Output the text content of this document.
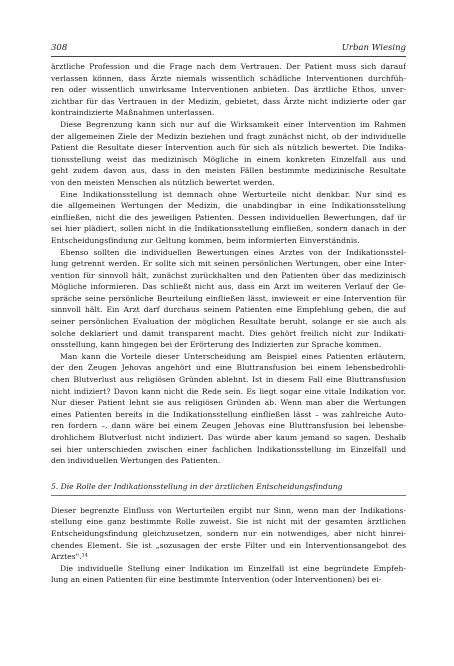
308	Urban Wiesing
ärztliche Profession und die Frage nach dem Vertrauen. Der Patient muss sich darauf
verlassen können, dass Ärzte niemals wissentlich schädliche Interventionen durchfüh-
ren oder wissentlich unwirksame Interventionen anbieten. Das ärztliche Ethos, unver-
zichtbar für das Vertrauen in der Medizin, gebietet, dass Ärzte nicht indizierte oder gar
kontraindizierte Maßnahmen unterlassen.
Diese Begrenzung kann sich nur auf die Wirksamkeit einer Intervention im Rahmen
der allgemeinen Ziele der Medizin beziehen und fragt zunächst nicht, ob der individuelle
Patient die Resultate dieser Intervention auch für sich als nützlich bewertet. Die Indika-
tionsstellung weist das medizinisch Mögliche in einem konkreten Einzelfall aus und
geht zudem davon aus, dass in den meisten Fällen bestimmte medizinische Resultate
von den meisten Menschen als nützlich bewertet werden.
Eine Indikationsstellung ist demnach ohne Werturteile nicht denkbar. Nur sind es
die allgemeinen Wertungen der Medizin, die unabdingbar in eine Indikationsstellung
einfließen, nicht die des jeweiligen Patienten. Dessen individuellen Bewertungen, daf ür
sei hier plädiert, sollen nicht in die Indikationsstellung einfließen, sondern danach in der
Entscheidungsfindung zur Geltung kommen, beim informierten Einverständnis.
Ebenso sollten die individuellen Bewertungen eines Arztes von der Indikationsstel-
lung getrennt werden. Er sollte sich mit seinen persönlichen Wertungen, ober eine Inter-
vention für sinnvoll hält, zunächst zurückhalten und den Patienten über das medizinisch
Mögliche informieren. Das schließt nicht aus, dass ein Arzt im weiteren Verlauf der Ge-
spräche seine persönliche Beurteilung einfließen lässt, inwieweit er eine Intervention für
sinnvoll hält. Ein Arzt darf durchaus seinem Patienten eine Empfehlung geben, die auf
seiner persönlichen Evaluation der möglichen Resultate beruht, solange er sie auch als
solche deklariert und damit transparent macht. Dies gehört freilich nicht zur Indikati-
onsstellung, kann hingegen bei der Erörterung des Indizierten zur Sprache kommen.
Man kann die Vorteile dieser Unterscheidung am Beispiel eines Patienten erläutern,
der den Zeugen Jehovas angehört und eine Bluttransfusion bei einem lebensbedrohli-
chen Blutverlust aus religiösen Gründen ablehnt. Ist in diesem Fall eine Bluttransfusion
nicht indiziert? Davon kann nicht die Rede sein. Es liegt sogar eine vitale Indikation vor.
Nur dieser Patient lehnt sie aus religiösen Gründen ab. Wenn man aber die Wertungen
eines Patienten bereits in die Indikationsstellung einfließen lässt – was zahlreiche Auto-
ren fordern –, dann wäre bei einem Zeugen Jehovas eine Bluttransfusion bei lebensbe-
drohlichem Blutverlust nicht indiziert. Das würde aber kaum jemand so sagen. Deshalb
sei hier unterschieden zwischen einer fachlichen Indikationsstellung im Einzelfall und
den individuellen Wertungen des Patienten.
5. Die Rolle der Indikationsstellung in der ärztlichen Entscheidungsfindung
Dieser begrenzte Einfluss von Werturteilen ergibt nur Sinn, wenn man der Indikations-
stellung eine ganz bestimmte Rolle zuweist. Sie ist nicht mit der gesamten ärztlichen
Entscheidungsfindung gleichzusetzen, sondern nur ein notwendiges, aber nicht hinrei-
chendes Element. Sie ist „sozusagen der erste Filter und ein Interventionsangebot des
Arztes".¹⁴
Die individuelle Stellung einer Indikation im Einzelfall ist eine begründete Empfeh-
lung an einen Patienten für eine bestimmte Intervention (oder Interventionen) bei ei-
